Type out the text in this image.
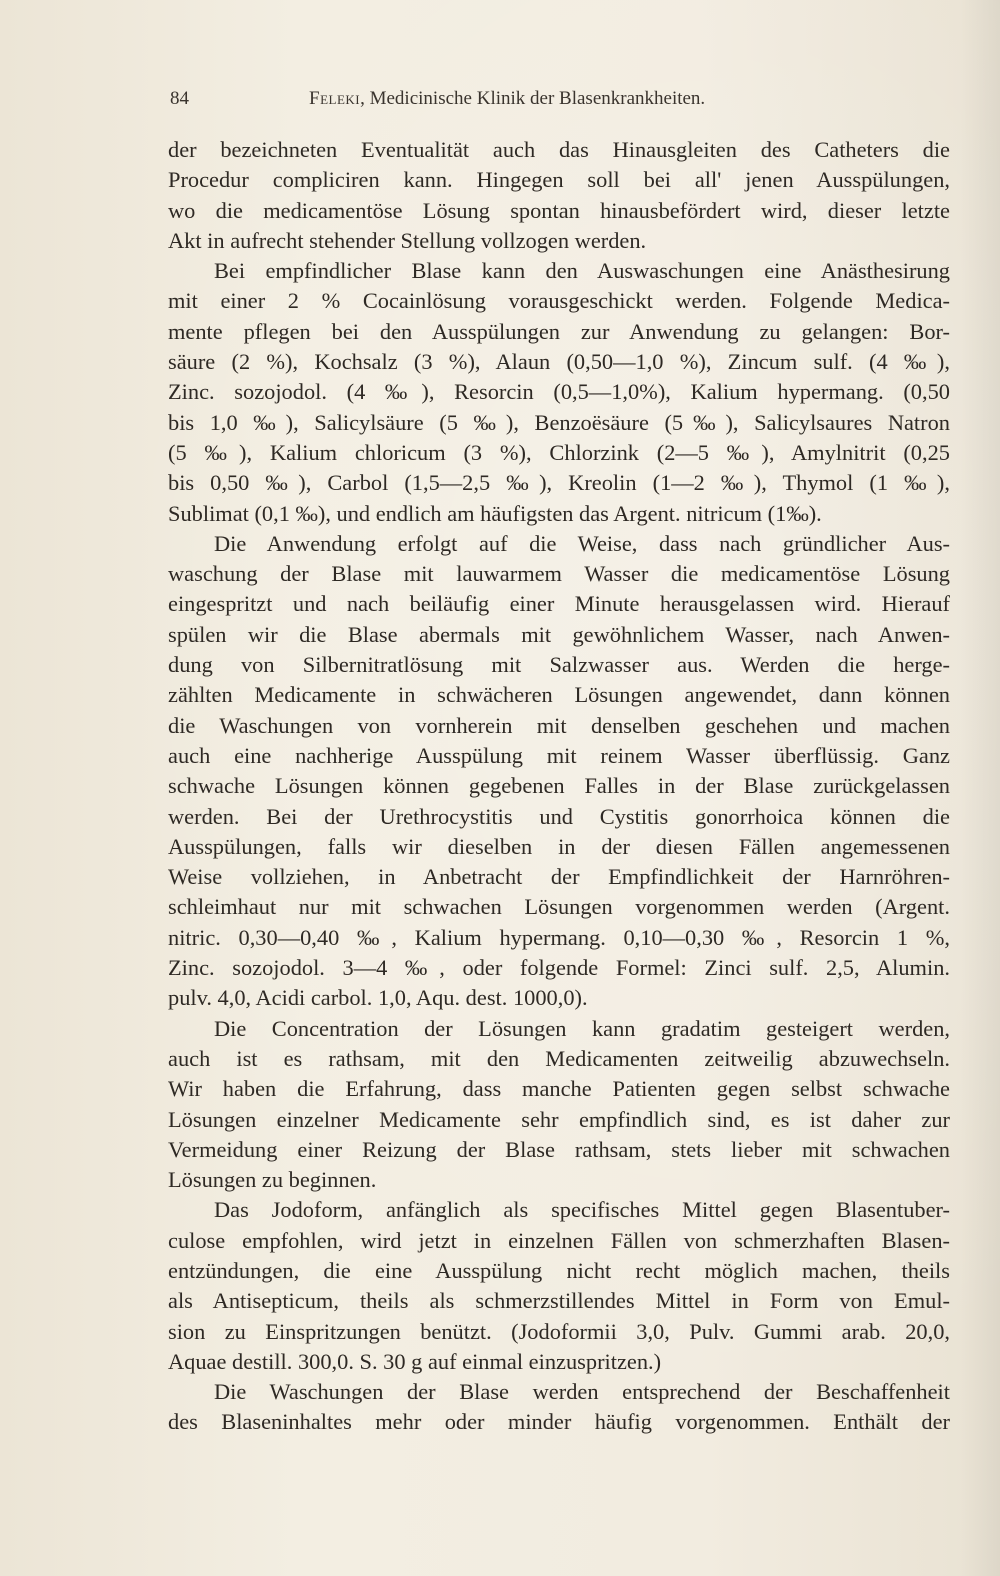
84	Feleki, Medicinische Klinik der Blasenkrankheiten.
der bezeichneten Eventualität auch das Hinausgleiten des Catheters die
Procedur compliciren kann. Hingegen soll bei all' jenen Ausspülungen,
wo die medicamentöse Lösung spontan hinausbefördert wird, dieser letzte
Akt in aufrecht stehender Stellung vollzogen werden.
Bei empfindlicher Blase kann den Auswaschungen eine Anästhesirung
mit einer 2 % Cocainlösung vorausgeschickt werden. Folgende Medica-
mente pflegen bei den Ausspülungen zur Anwendung zu gelangen: Bor-
säure (2 %), Kochsalz (3 %), Alaun (0,50—1,0 %), Zincum sulf. (4 ‰),
Zinc. sozojodol. (4 ‰), Resorcin (0,5—1,0%), Kalium hypermang. (0,50
bis 1,0 ‰), Salicylsäure (5 ‰), Benzoësäure (5‰), Salicylsaures Natron
(5 ‰), Kalium chloricum (3 %), Chlorzink (2—5 ‰), Amylnitrit (0,25
bis 0,50 ‰), Carbol (1,5—2,5 ‰), Kreolin (1—2 ‰), Thymol (1 ‰),
Sublimat (0,1 ‰), und endlich am häufigsten das Argent. nitricum (1‰).
Die Anwendung erfolgt auf die Weise, dass nach gründlicher Aus-
waschung der Blase mit lauwarmem Wasser die medicamentöse Lösung
eingespritzt und nach beiläufig einer Minute herausgelassen wird. Hierauf
spülen wir die Blase abermals mit gewöhnlichem Wasser, nach Anwen-
dung von Silbernitratlösung mit Salzwasser aus. Werden die herge-
zählten Medicamente in schwächeren Lösungen angewendet, dann können
die Waschungen von vornherein mit denselben geschehen und machen
auch eine nachherige Ausspülung mit reinem Wasser überflüssig. Ganz
schwache Lösungen können gegebenen Falles in der Blase zurückgelassen
werden. Bei der Urethrocystitis und Cystitis gonorrhoica können die
Ausspülungen, falls wir dieselben in der diesen Fällen angemessenen
Weise vollziehen, in Anbetracht der Empfindlichkeit der Harnröhren-
schleimhaut nur mit schwachen Lösungen vorgenommen werden (Argent.
nitric. 0,30—0,40 ‰, Kalium hypermang. 0,10—0,30 ‰, Resorcin 1 %,
Zinc. sozojodol. 3—4 ‰, oder folgende Formel: Zinci sulf. 2,5, Alumin.
pulv. 4,0, Acidi carbol. 1,0, Aqu. dest. 1000,0).
Die Concentration der Lösungen kann gradatim gesteigert werden,
auch ist es rathsam, mit den Medicamenten zeitweilig abzuwechseln.
Wir haben die Erfahrung, dass manche Patienten gegen selbst schwache
Lösungen einzelner Medicamente sehr empfindlich sind, es ist daher zur
Vermeidung einer Reizung der Blase rathsam, stets lieber mit schwachen
Lösungen zu beginnen.
Das Jodoform, anfänglich als specifisches Mittel gegen Blasentuber-
culose empfohlen, wird jetzt in einzelnen Fällen von schmerzhaften Blasen-
entzündungen, die eine Ausspülung nicht recht möglich machen, theils
als Antisepticum, theils als schmerzstillendes Mittel in Form von Emul-
sion zu Einspritzungen benützt. (Jodoformii 3,0, Pulv. Gummi arab. 20,0,
Aquae destill. 300,0. S. 30 g auf einmal einzuspritzen.)
Die Waschungen der Blase werden entsprechend der Beschaffenheit
des Blaseninhaltes mehr oder minder häufig vorgenommen. Enthält der
